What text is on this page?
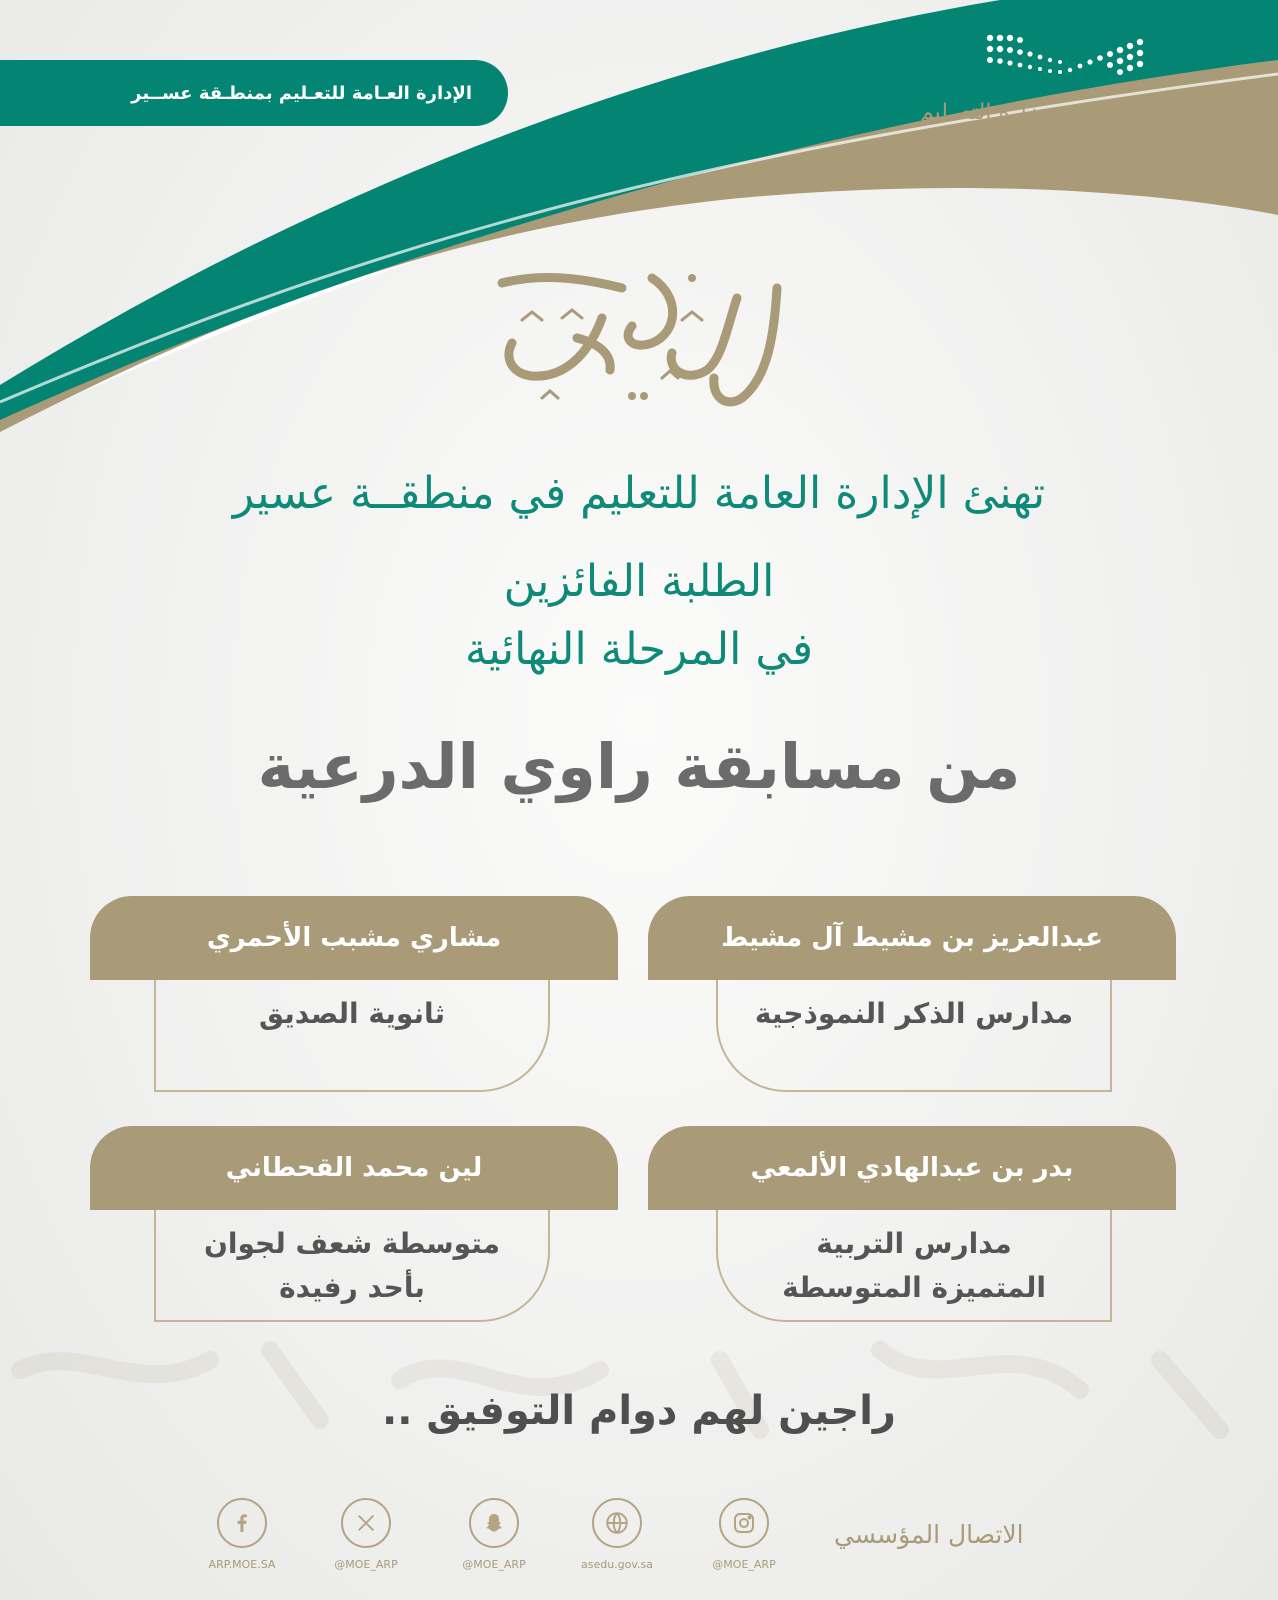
الإدارة العـامة للتعـليم بمنطـقة عســير
وزارة التعــليم
Ministry of Education
تهنئة
تهنئ الإدارة العامة للتعليم في منطقــة عسير
الطلبة الفائزين
في المرحلة النهائية
من مسابقة راوي الدرعية
عبدالعزيز بن مشيط آل مشيط
مدارس الذكر النموذجية
مشاري مشبب الأحمري
ثانوية الصديق
بدر بن عبدالهادي الألمعي
مدارس التربية
المتميزة المتوسطة
لين محمد القحطاني
متوسطة شعف لجوان
بأحد رفيدة
راجين لهم دوام التوفيق ..
@MOE_ARP
asedu.gov.sa
@MOE_ARP
@MOE_ARP
ARP.MOE.SA
الاتصال المؤسسي
